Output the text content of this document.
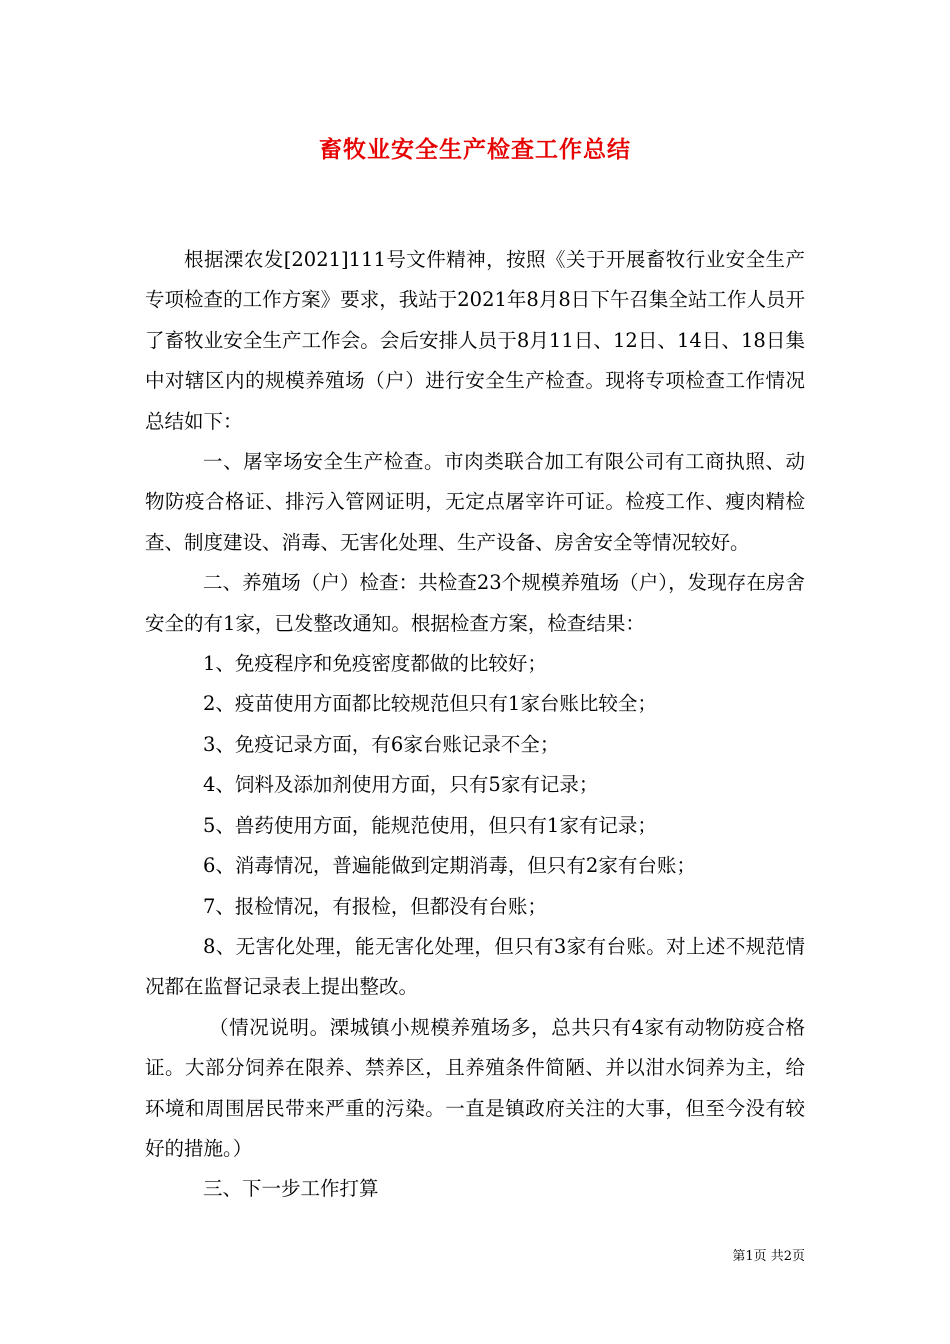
畜牧业安全生产检查工作总结

根据溧农发[2021]111号文件精神，按照《关于开展畜牧行业安全生产专项检查的工作方案》要求，我站于2021年8月8日下午召集全站工作人员开了畜牧业安全生产工作会。会后安排人员于8月11日、12日、14日、18日集中对辖区内的规模养殖场（户）进行安全生产检查。现将专项检查工作情况总结如下：

一、屠宰场安全生产检查。市肉类联合加工有限公司有工商执照、动物防疫合格证、排污入管网证明，无定点屠宰许可证。检疫工作、瘦肉精检查、制度建设、消毒、无害化处理、生产设备、房舍安全等情况较好。

二、养殖场（户）检查：共检查23个规模养殖场（户），发现存在房舍安全的有1家，已发整改通知。根据检查方案，检查结果：

1、免疫程序和免疫密度都做的比较好；

2、疫苗使用方面都比较规范但只有1家台账比较全；

3、免疫记录方面，有6家台账记录不全；

4、饲料及添加剂使用方面，只有5家有记录；

5、兽药使用方面，能规范使用，但只有1家有记录；

6、消毒情况，普遍能做到定期消毒，但只有2家有台账；

7、报检情况，有报检，但都没有台账；

8、无害化处理，能无害化处理，但只有3家有台账。对上述不规范情况都在监督记录表上提出整改。

（情况说明。溧城镇小规模养殖场多，总共只有4家有动物防疫合格证。大部分饲养在限养、禁养区，且养殖条件简陋、并以泔水饲养为主，给环境和周围居民带来严重的污染。一直是镇政府关注的大事，但至今没有较好的措施。）

三、下一步工作打算

第1页 共2页
